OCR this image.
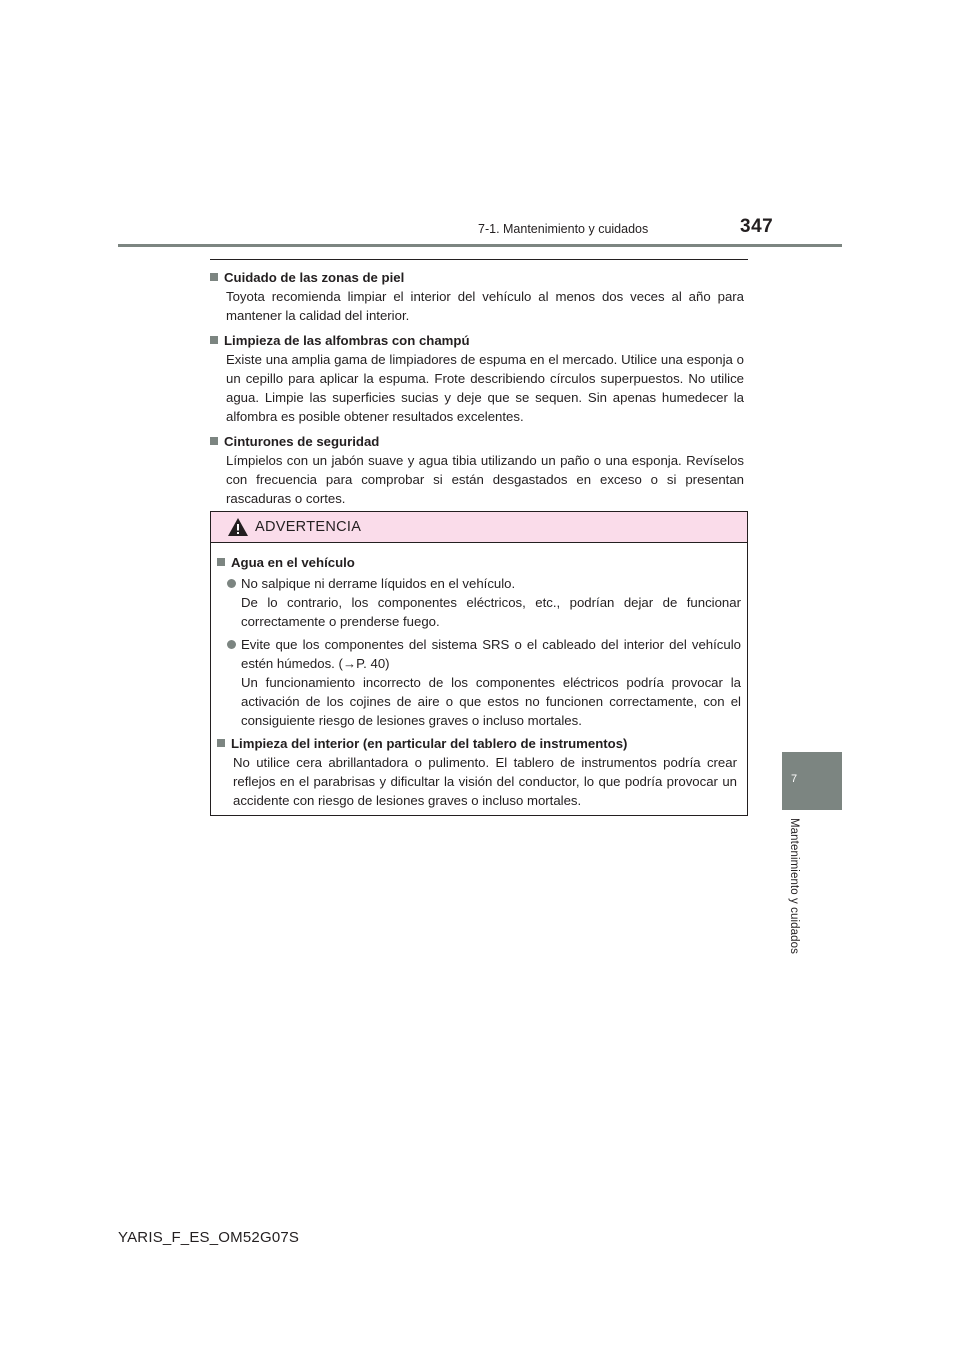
7-1. Mantenimiento y cuidados	347
7
Mantenimiento y cuidados
Cuidado de las zonas de piel
Toyota recomienda limpiar el interior del vehículo al menos dos veces al año para mantener la calidad del interior.
Limpieza de las alfombras con champú
Existe una amplia gama de limpiadores de espuma en el mercado. Utilice una esponja o un cepillo para aplicar la espuma. Frote describiendo círculos superpuestos. No utilice agua. Limpie las superficies sucias y deje que se sequen. Sin apenas humedecer la alfombra es posible obtener resultados excelentes.
Cinturones de seguridad
Límpielos con un jabón suave y agua tibia utilizando un paño o una esponja. Revíselos con frecuencia para comprobar si están desgastados en exceso o si presentan rascaduras o cortes.
ADVERTENCIA
Agua en el vehículo
No salpique ni derrame líquidos en el vehículo.
De lo contrario, los componentes eléctricos, etc., podrían dejar de funcionar correctamente o prenderse fuego.
Evite que los componentes del sistema SRS o el cableado del interior del vehículo estén húmedos. (→P. 40)
Un funcionamiento incorrecto de los componentes eléctricos podría provocar la activación de los cojines de aire o que estos no funcionen correctamente, con el consiguiente riesgo de lesiones graves o incluso mortales.
Limpieza del interior (en particular del tablero de instrumentos)
No utilice cera abrillantadora o pulimento. El tablero de instrumentos podría crear reflejos en el parabrisas y dificultar la visión del conductor, lo que podría provocar un accidente con riesgo de lesiones graves o incluso mortales.
YARIS_F_ES_OM52G07S
